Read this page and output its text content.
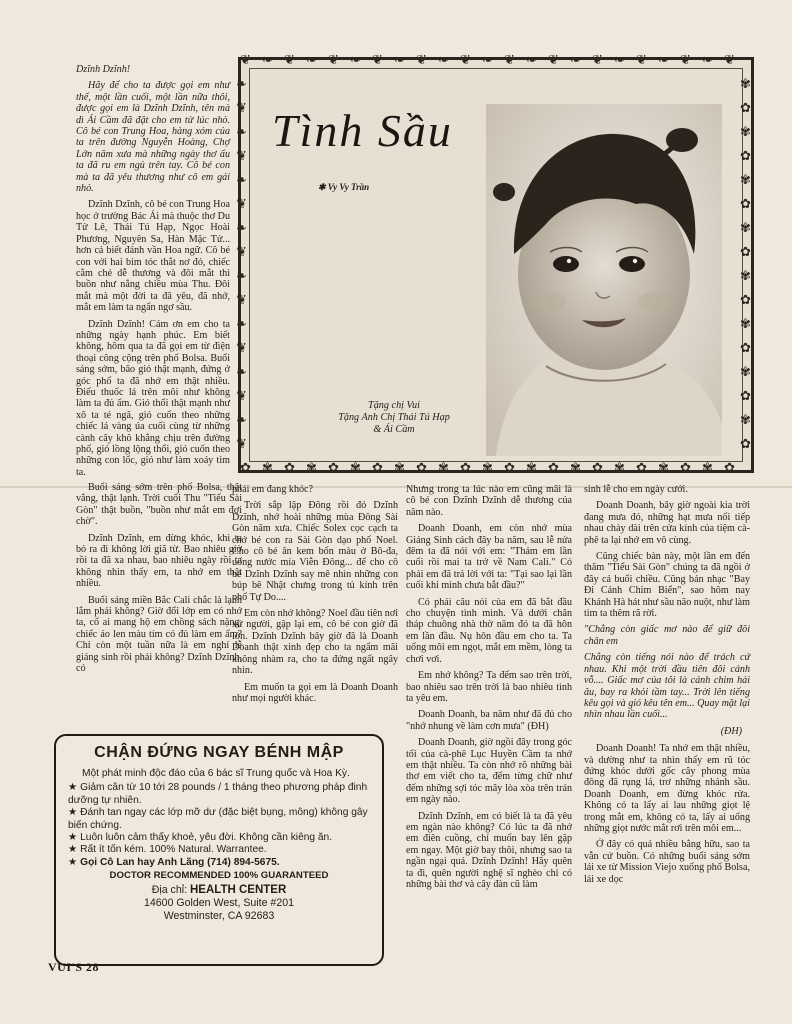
❦
✿
❧
✾
❦
✿
❧
✾
❦
✿
❧
✾
❦
✿
❧
✾
❦
✿
❧
✾
❦
✿
❧
✾
❦
✿
❧
✾
❦
✿
❧
✾
❦
✿
❧
✾
❦
✿
❧
✾
❦
✿
❧
✾
❦
✿
❧	✾
❦	✿
❧	✾
❦	✿
❧	✾
❦	✿
❧	✾
❦	✿
❧	✾
❦	✿
❧	✾
❦	✿
❧	✾
❦	✿
❧	✾
❦	✿
Tình Sầu
✱ Vy Vy Trần
Tặng chị Vui
Tặng Anh Chị Thái Tú Hạp
& Ái Cầm

Dzĩnh Dzĩnh!

Hãy để cho ta được gọi em như thế, một lần cuối, một lần nữa thôi, được gọi em là Dzĩnh Dzĩnh, tên mà dì Ái Cầm đã đặt cho em từ lúc nhỏ. Cô bé con Trung Hoa, hàng xóm của ta trên đường Nguyễn Hoàng, Chợ Lớn năm xưa mà những ngày thơ ấu ta đã ru em ngủ trên tay. Cô bé con mà ta đã yêu thương như cô em gái nhỏ.

Dzĩnh Dzĩnh, cô bé con Trung Hoa học ở trường Bác Ái mà thuộc thơ Du Tử Lê, Thái Tú Hạp, Ngọc Hoài Phương, Nguyên Sa, Hàn Mặc Tử... hơn cả biết đánh vần Hoa ngữ. Cô bé con với hai bím tóc thắt nơ đỏ, chiếc cằm chẻ dễ thương và đôi mắt thì buồn như nắng chiều mùa Thu. Đôi mắt mà một đời ta đã yêu, đã nhớ, mắt em làm ta ngẩn ngơ sầu.

Dzĩnh Dzĩnh! Cám ơn em cho ta những ngày hạnh phúc. Em biết không, hôm qua ta đã gọi em từ điện thoại công cộng trên phố Bolsa. Buổi sáng sớm, bão gió thật mạnh, đứng ở góc phố ta đã nhớ em thật nhiều. Điếu thuốc lá trên môi như không làm ta đủ ấm. Gió thổi thật mạnh như xô ta té ngã, gió cuốn theo những chiếc lá vàng úa cuối cùng từ những cành cây khô khẳng chịu trên đường phố, gió lồng lộng thổi, gió cuốn theo những con lốc, gió như làm xoáy tim ta.

Buổi sáng sớm trên phố Bolsa, thật vắng, thật lạnh. Trời cuối Thu "Tiểu Sài Gòn" thật buồn, "buồn như mắt em đợi chờ".

Dzĩnh Dzĩnh, em đừng khóc, khi ta bỏ ra đi không lời giã từ. Bao nhiêu giờ rồi ta đã xa nhau, bao nhiêu ngày rồi ta không nhìn thấy em, ta nhớ em thật nhiều.

Buổi sáng miền Bắc Cali chắc là lạnh lắm phải không? Giờ đổi lớp em có nhớ ta, cố ai mang hộ em chồng sách nặng, chiếc áo len màu tím có đủ làm em ấm? Chỉ còn một tuần nữa là em nghỉ lễ giáng sinh rồi phải không? Dzĩnh Dzĩnh, có

phải em đang khóc?

Trời sắp lập Đông rồi đó Dzĩnh Dzĩnh, nhớ hoài những mùa Đông Sài Gòn năm xưa. Chiếc Solex cọc cạch ta chở bé con ra Sài Gòn dạo phố Noel. Cho cô bé ăn kem bốn màu ở Bô-đa, uống nước mía Viễn Đông... để cho cô bé Dzĩnh Dzĩnh say mê nhìn những con búp bê Nhật chưng trong tủ kính trên phố Tự Do....

Em còn nhớ không? Noel đầu tiên nơi xứ người, gặp lại em, cô bé con giờ đã lớn. Dzĩnh Dzĩnh bây giờ đã là Doanh Doanh thật xinh đẹp cho ta ngẩm mãi không nhàm ra, cho ta đứng ngất ngây nhìn.

Em muốn ta gọi em là Doanh Doanh như mọi người khác.

Nhưng trong ta lúc nào em cũng mãi là cô bé con Dzĩnh Dzĩnh dễ thương của năm nào.

Doanh Doanh, em còn nhớ mùa Giáng Sinh cách đây ba năm, sau lễ nửa đêm ta đã nói với em: "Thám em lần cuối rồi mai ta trở về Nam Cali." Có phải em đã trả lời với ta: "Tại sao lại lần cuối khi mình chưa bắt đầu?"

Có phải câu nói của em đã bắt đầu cho chuyện tình mình. Và dưới chân tháp chuông nhà thờ năm đó ta đã hôn em lần đầu. Nụ hôn đầu em cho ta. Ta uống môi em ngọt, mắt em mềm, lòng ta chơi vơi.

Em nhớ không? Ta đếm sao trên trời, bao nhiêu sao trên trời là bao nhiêu tình ta yêu em.

Doanh Doanh, ba năm như đã đủ cho "nhớ nhung về làm cơn mưa" (ĐH)

Doanh Doanh, giờ ngồi đây trong góc tối của cà-phê Lục Huyền Cầm ta nhớ em thật nhiều. Ta còn nhớ rõ những bài thơ em viết cho ta, đếm từng chữ như đếm những sợi tóc mây lòa xòa trên trán em ngày nào.

Dzĩnh Dzĩnh, em có biết là ta đã yêu em ngàn nào không? Có lúc ta đã nhớ em điên cuồng, chỉ muốn bay lên gặp em ngay. Một giờ bay thôi, nhưng sao ta ngần ngại quá. Dzĩnh Dzĩnh! Hãy quên ta đi, quên người nghệ sĩ nghèo chỉ có những bài thơ và cây đàn cũ làm

sinh lễ cho em ngày cưới.

Doanh Doanh, bây giờ ngoài kia trời đang mưa đó, những hạt mưa nối tiếp nhau chảy dài trên cửa kính của tiệm cà-phê ta lại nhớ em vô cùng.

Cũng chiếc bàn này, một lần em đến thăm "Tiểu Sài Gòn" chúng ta đã ngồi ở đây cả buổi chiều. Cũng bản nhạc "Bay Đi Cánh Chim Biển", sao hôm nay Khánh Hà hát như sầu não nuột, như làm tim ta thêm rã rời.

"Chẳng còn giấc mơ nào để giữ đôi chân em

Chẳng còn tiếng nói nào để trách cứ nhau. Khi một trời đầu tiên đôi cánh vỗ.... Giấc mơ của tôi là cánh chim hải âu, bay ra khỏi tầm tay... Trời lên tiếng kêu gọi và gió kêu tên em... Quay mặt lại nhìn nhau lần cuối...

(ĐH)

Doanh Doanh! Ta nhớ em thật nhiều, và dường như ta nhìn thấy em rũ tóc đứng khóc dưới gốc cây phong mùa đông đã rụng lá, trơ những nhánh sầu. Doanh Doanh, em đừng khóc rửa. Không có ta lấy ai lau những giọt lệ trong mắt em, không có ta, lấy ai uống những giọt nước mắt rơi trên môi em...

Ở đây có quá nhiều bằng hữu, sao ta vẫn cứ buồn. Có những buổi sáng sớm lái xe từ Mission Viejo xuống phố Bolsa, lái xe dọc

CHẬN ĐỨNG NGAY BÉNH MẬP

Một phát minh độc đáo của 6 bác sĩ Trung quốc và Hoa Kỳ.

★ Giảm cân từ 10 tới 28 pounds / 1 tháng theo phương pháp đinh dưỡng tự nhiên.
★ Đánh tan ngay các lớp mỡ dư (đặc biệt bụng, mông) không gây biến chứng.
★ Luôn luôn cảm thấy khoẻ, yêu đời. Không cần kiêng ăn.
★ Rất ít tốn kém. 100% Natural. Warrantee.
★ Gọi Cô Lan hay Anh Lãng (714) 894-5675.
DOCTOR RECOMMENDED 100% GUARANTEED
Địa chỉ: HEALTH CENTER
14600 Golden West, Suite #201
Westminster, CA 92683
VUI'S 28
